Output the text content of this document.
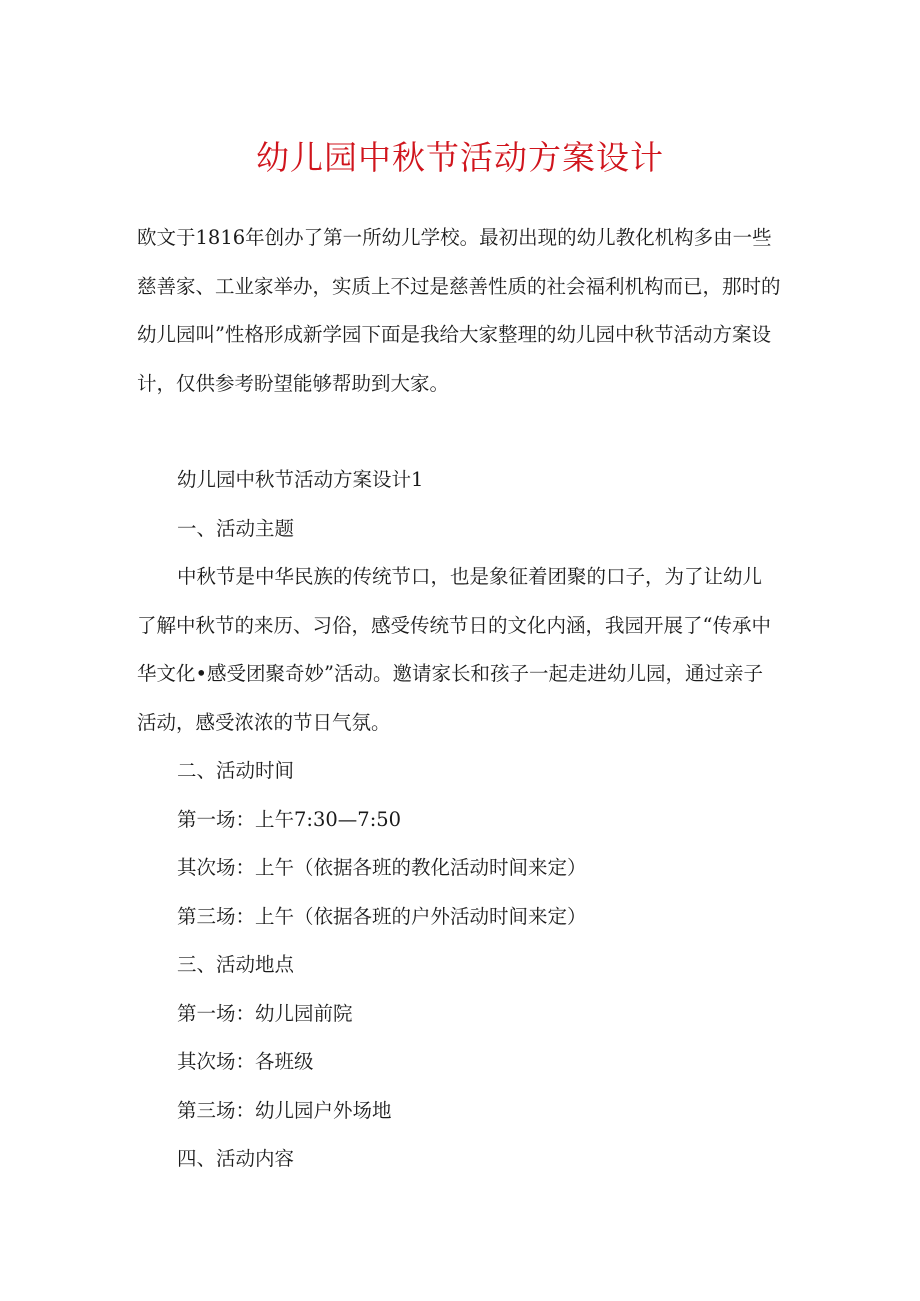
幼儿园中秋节活动方案设计

欧文于1816年创办了第一所幼儿学校。最初出现的幼儿教化机构多由一些
慈善家、工业家举办，实质上不过是慈善性质的社会福利机构而已，那时的
幼儿园叫”性格形成新学园下面是我给大家整理的幼儿园中秋节活动方案设
计，仅供参考盼望能够帮助到大家。

幼儿园中秋节活动方案设计1
一、活动主题
中秋节是中华民族的传统节口，也是象征着团聚的口子，为了让幼儿
了解中秋节的来历、习俗，感受传统节日的文化内涵，我园开展了“传承中
华文化•感受团聚奇妙”活动。邀请家长和孩子一起走进幼儿园，通过亲子
活动，感受浓浓的节日气氛。
二、活动时间
第一场：上午7:30—7:50
其次场：上午（依据各班的教化活动时间来定）
第三场：上午（依据各班的户外活动时间来定）
三、活动地点
第一场：幼儿园前院
其次场：各班级
第三场：幼儿园户外场地
四、活动内容
